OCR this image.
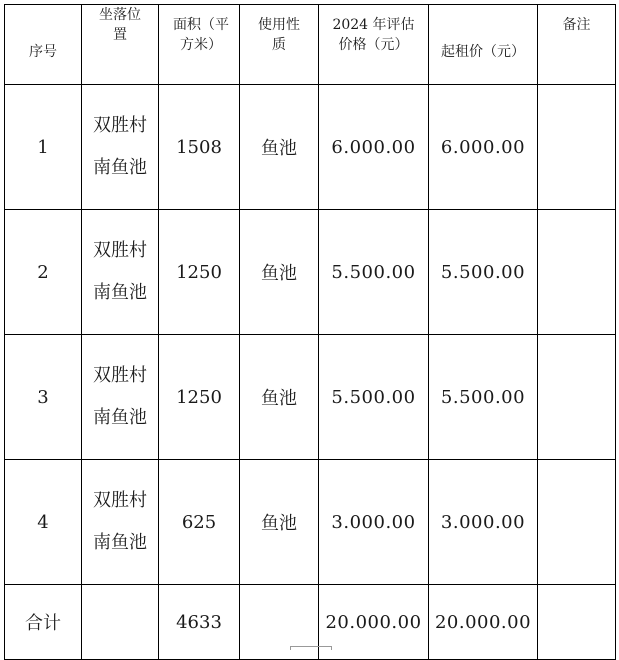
序号	坐落位置	面积（平方米）	使用性质	2024 年评估价格（元）	起租价（元）	备注
1	双胜村南鱼池	1508	鱼池	6.000.00	6.000.00	
2	双胜村南鱼池	1250	鱼池	5.500.00	5.500.00	
3	双胜村南鱼池	1250	鱼池	5.500.00	5.500.00	
4	双胜村南鱼池	625	鱼池	3.000.00	3.000.00	
合计		4633		20.000.00	20.000.00	
